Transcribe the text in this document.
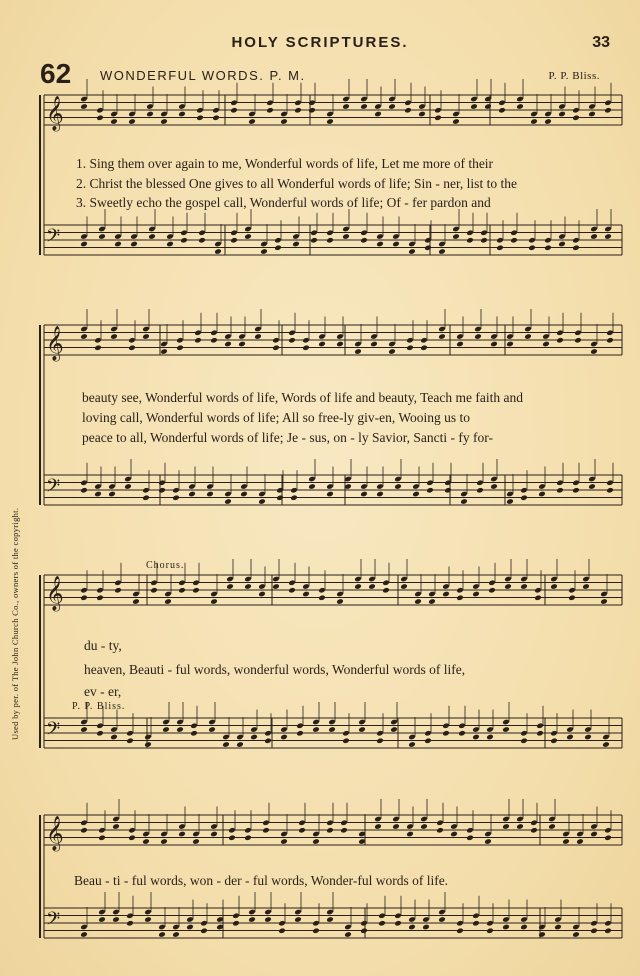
HOLY SCRIPTURES.	33
62 WONDERFUL WORDS. P. M.	P. P. Bliss.
𝄞
𝄢
𝄞
𝄢
𝄞
𝄢
𝄞
𝄢
1. Sing them over again to me, Wonderful words of life, Let me more of their
2. Christ the blessed One gives to all Wonderful words of life; Sin - ner, list to the
3. Sweetly echo the gospel call, Wonderful words of life; Of - fer pardon and
beauty see, Wonderful words of life, Words of life and beauty, Teach me faith and
loving call, Wonderful words of life; All so free-ly giv-en, Wooing us to
peace to all, Wonderful words of life; Je - sus, on - ly Savior, Sancti - fy for-
Chorus.
du - ty,
heaven, Beauti - ful words, wonderful words, Wonderful words of life,
ev - er,
P. P. Bliss.
Beau - ti - ful words, won - der - ful words, Wonder-ful words of life.
Used by per. of The John Church Co., owners of the copyright.
